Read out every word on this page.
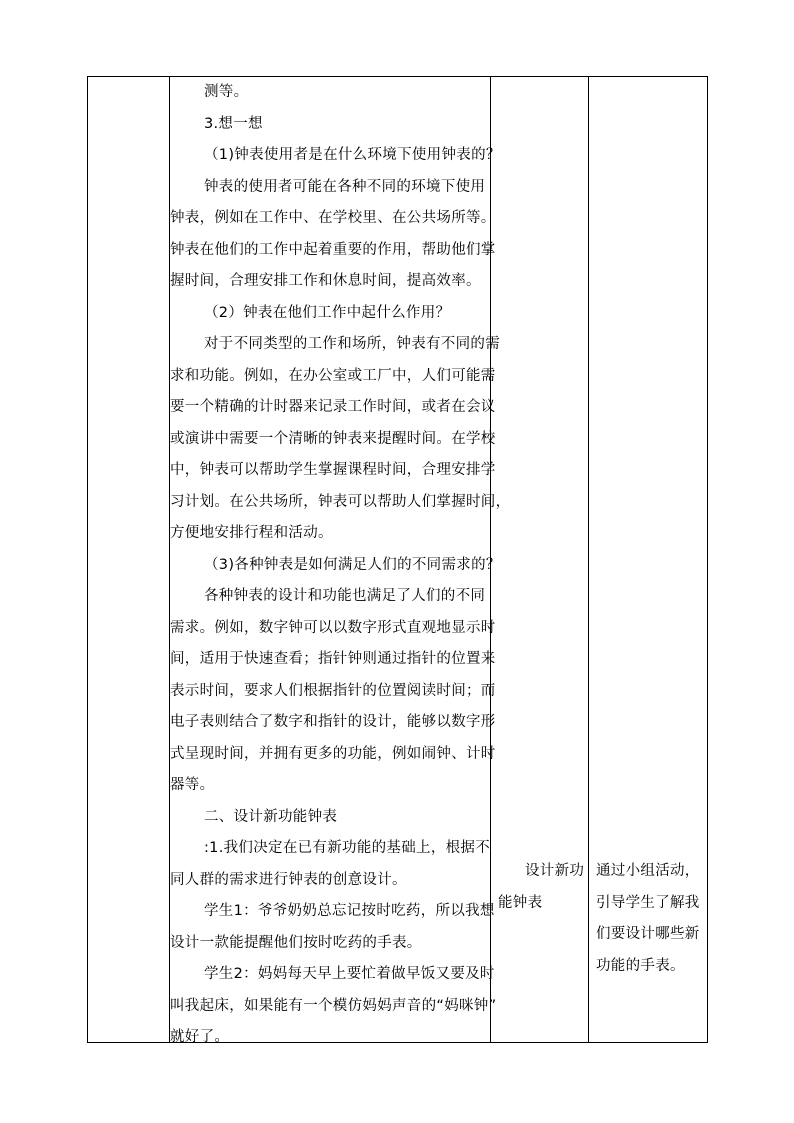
测等。
3.想一想
（1)钟表使用者是在什么环境下使用钟表的？
钟表的使用者可能在各种不同的环境下使用
钟表，例如在工作中、在学校里、在公共场所等。
钟表在他们的工作中起着重要的作用，帮助他们掌
握时间，合理安排工作和休息时间，提高效率。
（2）钟表在他们工作中起什么作用？
对于不同类型的工作和场所，钟表有不同的需
求和功能。例如，在办公室或工厂中，人们可能需
要一个精确的计时器来记录工作时间，或者在会议
或演讲中需要一个清晰的钟表来提醒时间。在学校
中，钟表可以帮助学生掌握课程时间，合理安排学
习计划。在公共场所，钟表可以帮助人们掌握时间，
方便地安排行程和活动。
（3)各种钟表是如何满足人们的不同需求的？
各种钟表的设计和功能也满足了人们的不同
需求。例如，数字钟可以以数字形式直观地显示时
间，适用于快速查看；指针钟则通过指针的位置来
表示时间，要求人们根据指针的位置阅读时间；而
电子表则结合了数字和指针的设计，能够以数字形
式呈现时间，并拥有更多的功能，例如闹钟、计时
器等。
二、设计新功能钟表
:1.我们决定在已有新功能的基础上，根据不
同人群的需求进行钟表的创意设计。
学生1：爷爷奶奶总忘记按时吃药，所以我想
设计一款能提醒他们按时吃药的手表。
学生2：妈妈每天早上要忙着做早饭又要及时
叫我起床，如果能有一个模仿妈妈声音的“妈咪钟”
就好了。
设计新功
能钟表
通过小组活动，
引导学生了解我
们要设计哪些新
功能的手表。
